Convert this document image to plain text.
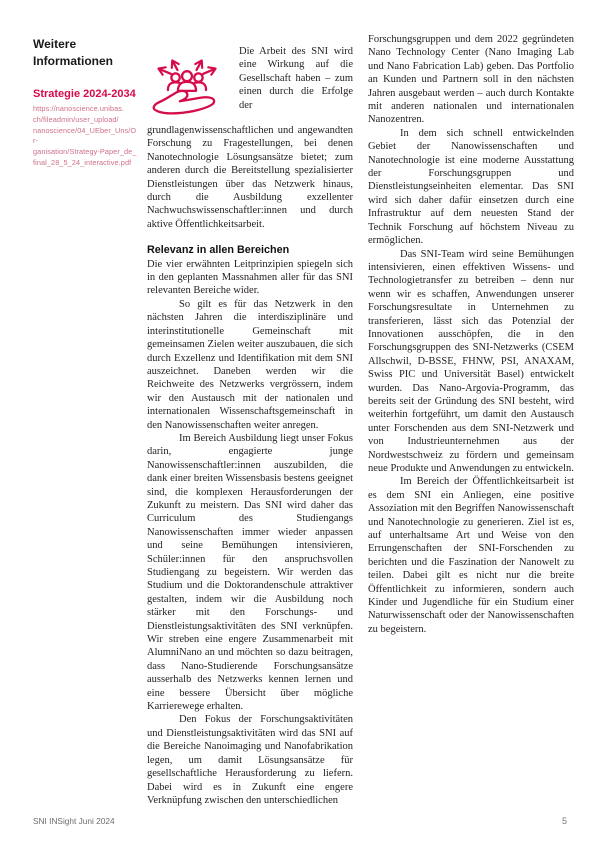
Weitere Informationen
Strategie 2024-2034
https://nanoscience.unibas.
ch/fileadmin/user_upload/
nanoscience/04_UEber_Uns/Or-
ganisation/Strategy-Paper_de_
final_28_5_24_interactive.pdf

Die Arbeit des SNI wird eine Wirkung auf die Gesellschaft haben – zum einen durch die Erfolge der grundlagenwissenschaftlichen und angewandten Forschung zu Fragestellungen, bei denen Nanotechnologie Lösungsansätze bietet; zum anderen durch die Bereitstellung spezialisierter Dienstleistungen über das Netzwerk hinaus, durch die Ausbildung exzellenter Nachwuchswissenschaftler:innen und durch aktive Öffentlichkeitsarbeit.

Relevanz in allen Bereichen

Die vier erwähnten Leitprinzipien spiegeln sich in den geplanten Massnahmen aller für das SNI relevanten Bereiche wider.

So gilt es für das Netzwerk in den nächsten Jahren die interdisziplinäre und interinstitutionelle Gemeinschaft mit gemeinsamen Zielen weiter auszubauen, die sich durch Exzellenz und Identifikation mit dem SNI auszeichnet. Daneben werden wir die Reichweite des Netzwerks vergrössern, indem wir den Austausch mit der nationalen und internationalen Wissenschaftsgemeinschaft in den Nanowissenschaften weiter anregen.

Im Bereich Ausbildung liegt unser Fokus darin, engagierte junge Nanowissenschaftler:innen auszubilden, die dank einer breiten Wissensbasis bestens geeignet sind, die komplexen Herausforderungen der Zukunft zu meistern. Das SNI wird daher das Curriculum des Studiengangs Nanowissenschaften immer wieder anpassen und seine Bemühungen intensivieren, Schüler:innen für den anspruchsvollen Studiengang zu begeistern. Wir werden das Studium und die Doktorandenschule attraktiver gestalten, indem wir die Ausbildung noch stärker mit den Forschungs- und Dienstleistungsaktivitäten des SNI verknüpfen. Wir streben eine engere Zusammenarbeit mit AlumniNano an und möchten so dazu beitragen, dass Nano-Studierende Forschungsansätze ausserhalb des Netzwerks kennen lernen und eine bessere Übersicht über mögliche Karrierewege erhalten.

Den Fokus der Forschungsaktivitäten und Dienstleistungsaktivitäten wird das SNI auf die Bereiche Nanoimaging und Nanofabrikation legen, um damit Lösungsansätze für gesellschaftliche Herausforderung zu liefern. Dabei wird es in Zukunft eine engere Verknüpfung zwischen den unterschiedlichen

Forschungsgruppen und dem 2022 gegründeten Nano Technology Center (Nano Imaging Lab und Nano Fabrication Lab) geben. Das Portfolio an Kunden und Partnern soll in den nächsten Jahren ausgebaut werden – auch durch Kontakte mit anderen nationalen und internationalen Nanozentren.

In dem sich schnell entwickelnden Gebiet der Nanowissenschaften und Nanotechnologie ist eine moderne Ausstattung der Forschungsgruppen und Dienstleistungseinheiten elementar. Das SNI wird sich daher dafür einsetzen durch eine Infrastruktur auf dem neuesten Stand der Technik Forschung auf höchstem Niveau zu ermöglichen.

Das SNI-Team wird seine Bemühungen intensivieren, einen effektiven Wissens- und Technologietransfer zu betreiben – denn nur wenn wir es schaffen, Anwendungen unserer Forschungsresultate in Unternehmen zu transferieren, lässt sich das Potenzial der Innovationen ausschöpfen, die in den Forschungsgruppen des SNI-Netzwerks (CSEM Allschwil, D-BSSE, FHNW, PSI, ANAXAM, Swiss PIC und Universität Basel) entwickelt wurden. Das Nano-Argovia-Programm, das bereits seit der Gründung des SNI besteht, wird weiterhin fortgeführt, um damit den Austausch unter Forschenden aus dem SNI-Netzwerk und von Industrieunternehmen aus der Nordwestschweiz zu fördern und gemeinsam neue Produkte und Anwendungen zu entwickeln.

Im Bereich der Öffentlichkeitsarbeit ist es dem SNI ein Anliegen, eine positive Assoziation mit den Begriffen Nanowissenschaft und Nanotechnologie zu generieren. Ziel ist es, auf unterhaltsame Art und Weise von den Errungenschaften der SNI-Forschenden zu berichten und die Faszination der Nanowelt zu teilen. Dabei gilt es nicht nur die breite Öffentlichkeit zu informieren, sondern auch Kinder und Jugendliche für ein Studium einer Naturwissenschaft oder der Nanowissenschaften zu begeistern.

SNI INSight Juni 2024	5
